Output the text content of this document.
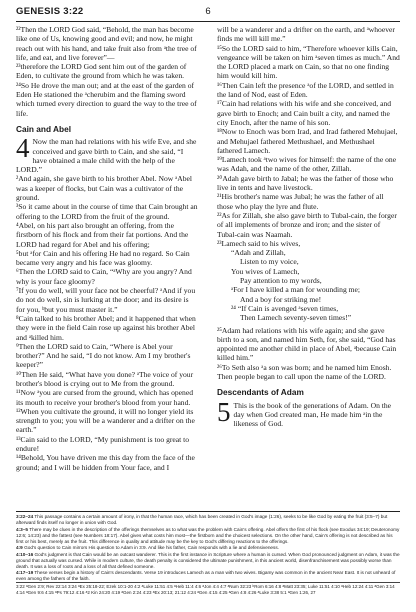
GENESIS 3:22	6

²²Then the LORD God said, “Behold, the man has become like one of Us, knowing good and evil; and now, he might reach out with his hand, and take fruit also from ᵃthe tree of life, and eat, and live forever”—

²³therefore the LORD God sent him out of the garden of Eden, to cultivate the ground from which he was taken.

²⁴So He drove the man out; and at the east of the garden of Eden He stationed the ᵃcherubim and the flaming sword which turned every direction to guard the way to the tree of life.

Cain and Abel

4 Now the man had relations with his wife Eve, and she conceived and gave birth to Cain, and she said, “I have obtained a male child with the help of the LORD.”

²And again, she gave birth to his brother Abel. Now ᵃAbel was a keeper of flocks, but Cain was a cultivator of the ground.

³So it came about in the course of time that Cain brought an offering to the LORD from the fruit of the ground.

⁴Abel, on his part also brought an offering, from the firstborn of his flock and from their fat portions. And the LORD had regard for Abel and his offering;

⁵but ᵃfor Cain and his offering He had no regard. So Cain became very angry and his face was gloomy.

⁶Then the LORD said to Cain, “ᵃWhy are you angry? And why is your face gloomy?

⁷If you do well, will your face not be cheerful? ᵃAnd if you do not do well, sin is lurking at the door; and its desire is for you, ᵇbut you must master it.”

⁸Cain talked to his brother Abel; and it happened that when they were in the field Cain rose up against his brother Abel and ᵃkilled him.

⁹Then the LORD said to Cain, “Where is Abel your brother?” And he said, “I do not know. Am I my brother's keeper?”

¹⁰Then He said, “What have you done? ᵃThe voice of your brother's blood is crying out to Me from the ground.

¹¹Now ᵃyou are cursed from the ground, which has opened its mouth to receive your brother's blood from your hand.

¹²When you cultivate the ground, it will no longer yield its strength to you; you will be a wanderer and a drifter on the earth.”

¹³Cain said to the LORD, “My punishment is too great to endure!

¹⁴Behold, You have driven me this day from the face of the ground; and I will be hidden from Your face, and I

will be a wanderer and a drifter on the earth, and ᵃwhoever finds me will kill me.”

¹⁵So the LORD said to him, “Therefore whoever kills Cain, vengeance will be taken on him ᵃseven times as much.” And the LORD placed a mark on Cain, so that no one finding him would kill him.

¹⁶Then Cain left the presence ᵃof the LORD, and settled in the land of Nod, east of Eden.

¹⁷Cain had relations with his wife and she conceived, and gave birth to Enoch; and Cain built a city, and named the city Enoch, after the name of his son.

¹⁸Now to Enoch was born Irad, and Irad fathered Mehujael, and Mehujael fathered Methushael, and Methushael fathered Lamech.

¹⁹Lamech took ᵃtwo wives for himself: the name of the one was Adah, and the name of the other, Zillah.

²⁰Adah gave birth to Jabal; he was the father of those who live in tents and have livestock.

²¹His brother's name was Jubal; he was the father of all those who play the lyre and flute.

²²As for Zillah, she also gave birth to Tubal-cain, the forger of all implements of bronze and iron; and the sister of Tubal-cain was Naamah.

²³Lamech said to his wives,

“Adah and Zillah,

Listen to my voice,

You wives of Lamech,

Pay attention to my words,

ᵃFor I have killed a man for wounding me;

And a boy for striking me!

²⁴ “If Cain is avenged ᵃseven times,

Then Lamech seventy-seven times!”

²⁵Adam had relations with his wife again; and she gave birth to a son, and named him Seth, for, she said, “God has appointed me another child in place of Abel, ᵃbecause Cain killed him.”

²⁶To Seth also ᵃa son was born; and he named him Enosh. Then people began to call upon the name of the LORD.

Descendants of Adam

5 This is the book of the generations of Adam. On the day when God created man, He made him ᵃin the likeness of God.

3:22–24 This passage contains a certain amount of irony, in that the human race, which has been created in God's image (1:26), seeks to be like God by eating the fruit (3:5–7) but afterward finds itself no longer in union with God.

4:3–5 There may be clues in the description of the offerings themselves as to what was the problem with Cain's offering. Abel offers the first of his flock (see Exodus 34:19; Deuteronomy 12:6; 14:23) and the fattest (see Numbers 18:17). Abel gives what costs him most—the firstborn and the choicest selections. On the other hand, Cain's offering is not described as his first or his best, merely as the fruit. This difference in quality and attitude may be the key to God's differing reactions to the offerings.

4:9 God's question to Cain mirrors His question to Adam in 3:9. And like his father, Cain responds with a lie and defensiveness.

4:10–16 God's judgment is that Cain would be an outcast wanderer. This is the first instance in Scripture where a human is cursed. When God pronounced judgment on Adam, it was the ground that actually was cursed. While in modern culture, the death penalty is considered the ultimate punishment, in this ancient world, disenfranchisement was possibly worse than death. It was a loss of roots and a loss of all that defined someone.

4:17–19 These verses begin a history of Cain's descendants. Verse 19 introduces Lamech as a man with two wives. Bigamy was common in the ancient Near East. It is not unheard of even among the fathers of the faith.

3:22 ᵃGen 2:9; Rev 22:14 3:24 ᵃEx 25:18-22; Ezek 10:1-20 4:2 ᵃLuke 11:51 4:5 ᵃHeb 11:4 4:6 ᵃJon 4:4 4:7 ᵃNum 32:23 ᵇRom 6:16 4:8 ᵃMatt 23:35; Luke 11:51 4:10 ᵃHeb 12:24 4:11 ᵃGen 3:14 4:14 ᵃGen 9:6 4:15 ᵃPs 79:12 4:16 ᵃ2 Kin 24:20 4:19 ᵃGen 2:24 4:23 ᵃEx 20:13; 21:12 4:24 ᵃGen 4:15 4:25 ᵃGen 4:8 4:26 ᵃLuke 3:38 5:1 ᵃGen 1:26, 27
